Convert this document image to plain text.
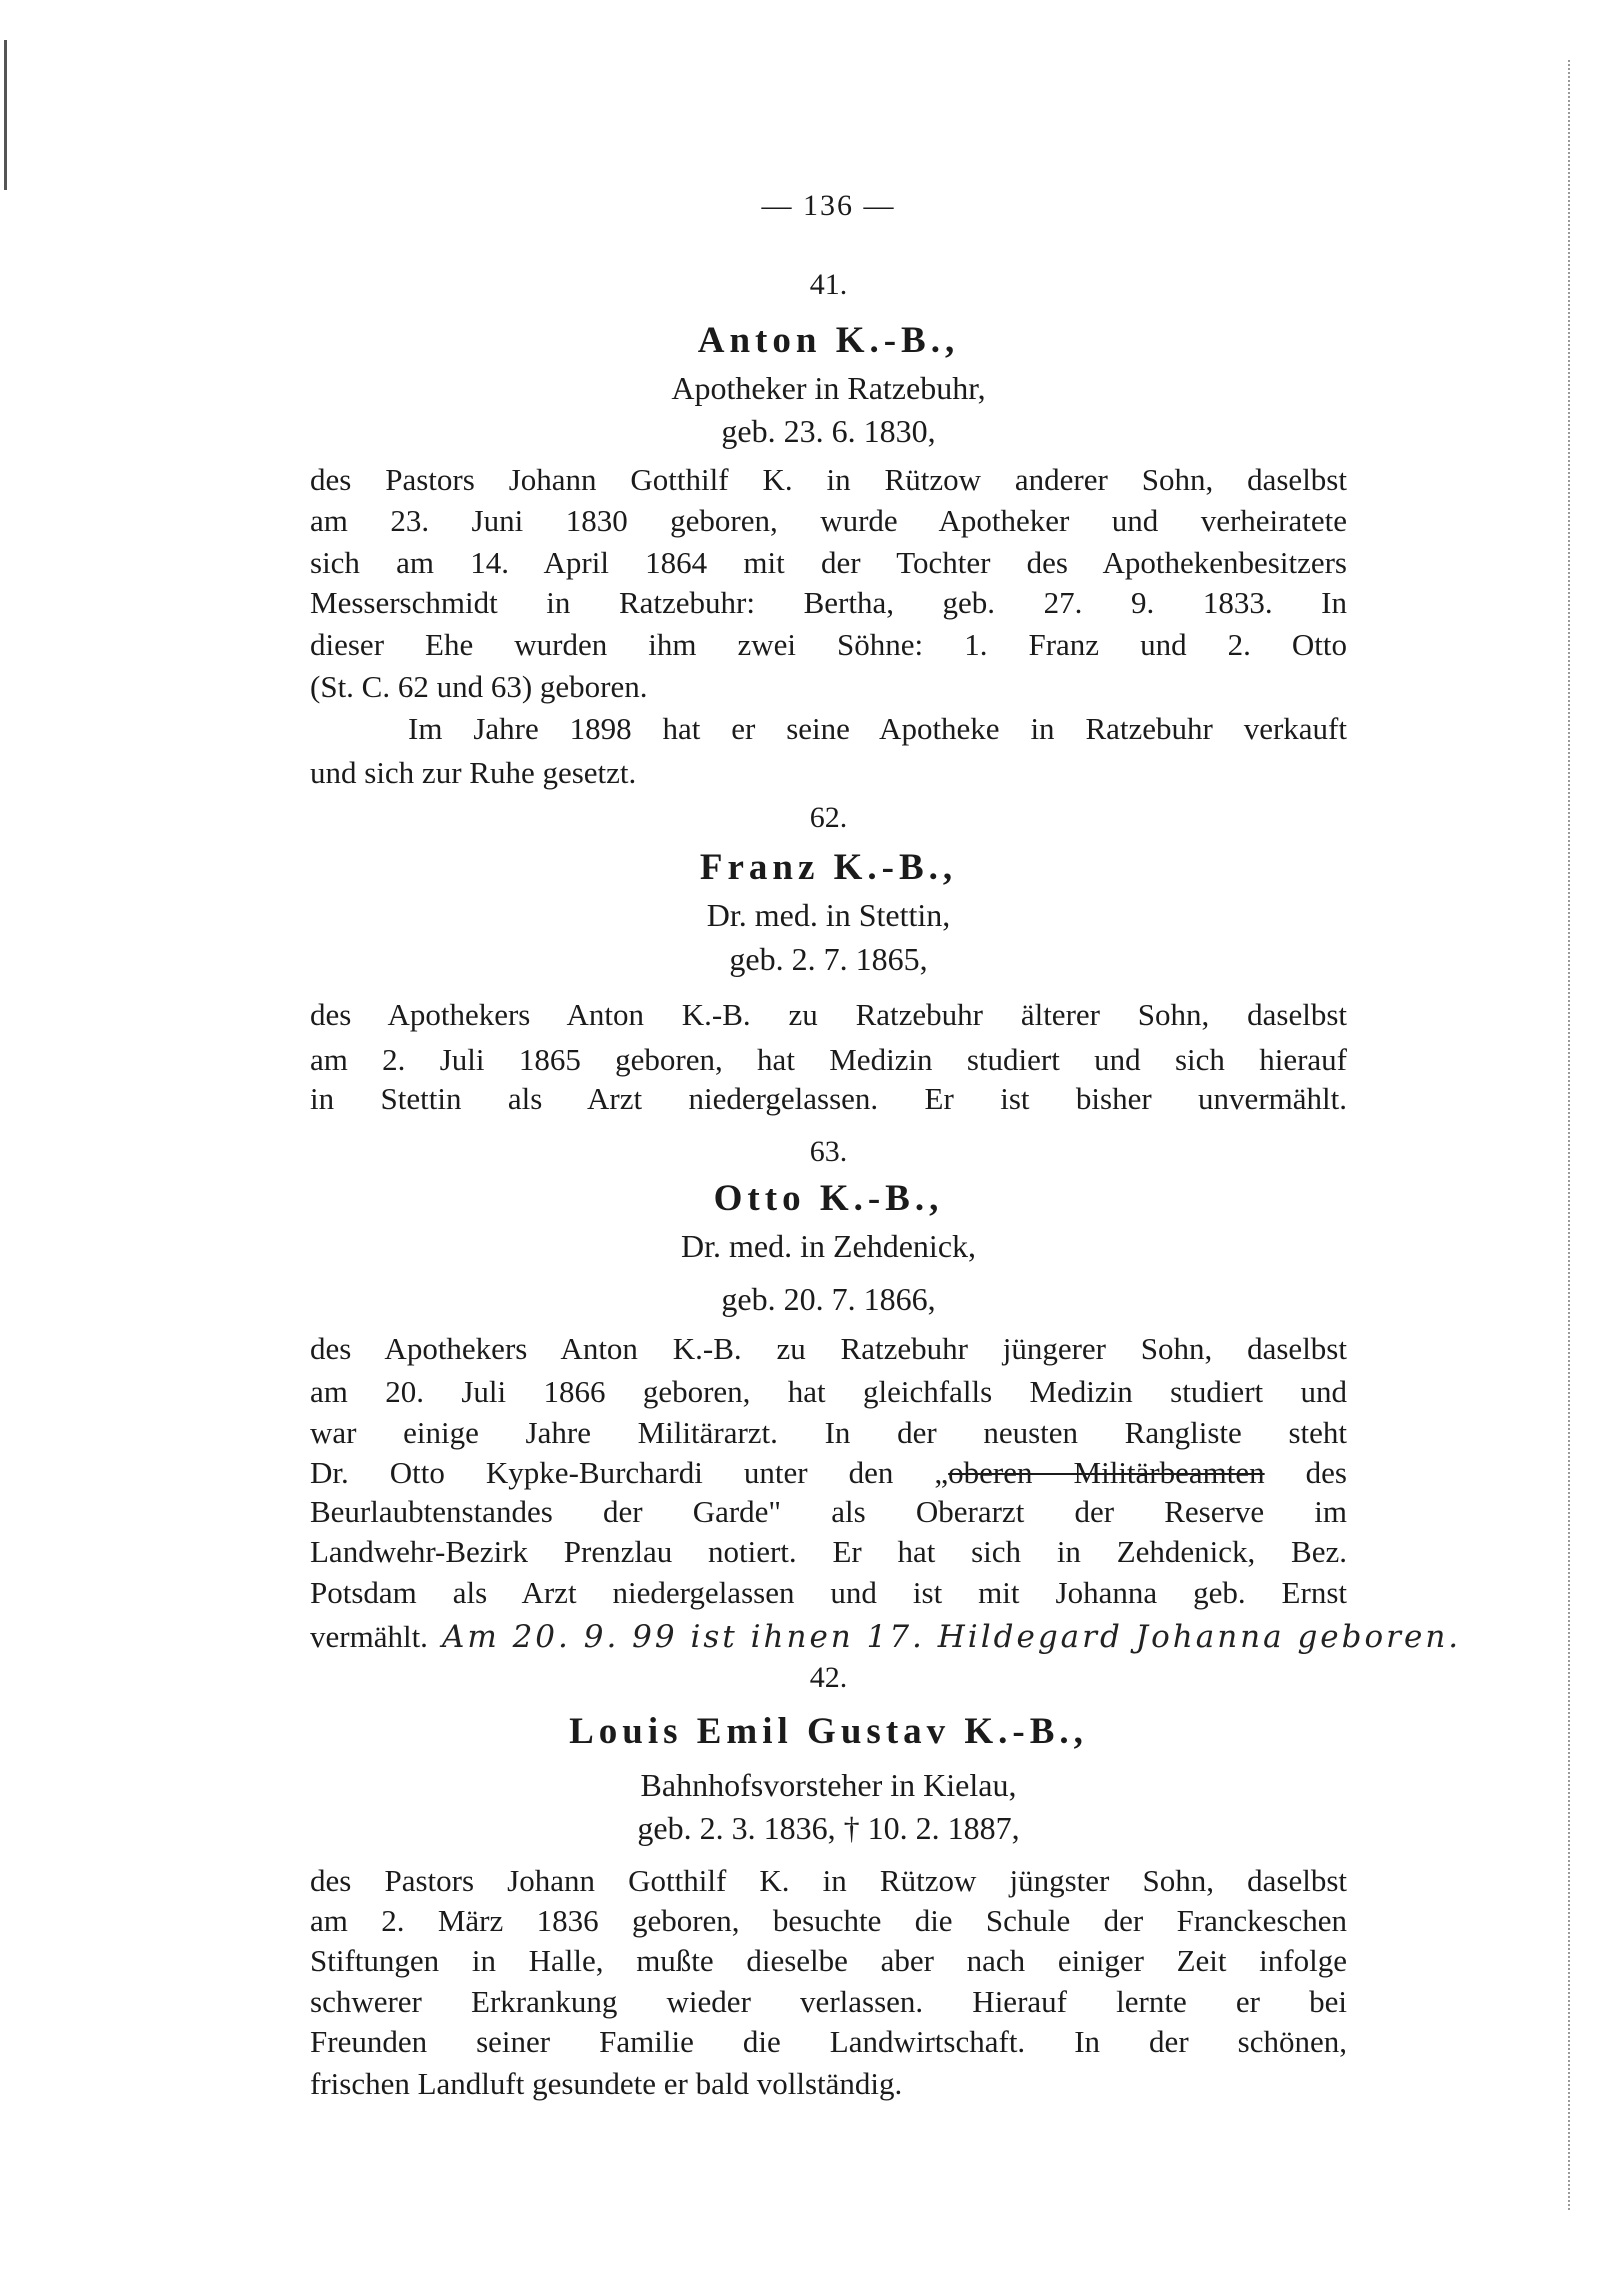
— 136 —
41.
Anton K.-B.,
Apotheker in Ratzebuhr,
geb. 23. 6. 1830,
des Pastors Johann Gotthilf K. in Rützow anderer Sohn, daselbst
am 23. Juni 1830 geboren, wurde Apotheker und verheiratete
sich am 14. April 1864 mit der Tochter des Apothekenbesitzers
Messerschmidt in Ratzebuhr: Bertha, geb. 27. 9. 1833. In
dieser Ehe wurden ihm zwei Söhne: 1. Franz und 2. Otto
(St. C. 62 und 63) geboren.
Im Jahre 1898 hat er seine Apotheke in Ratzebuhr verkauft
und sich zur Ruhe gesetzt.
62.
Franz K.-B.,
Dr. med. in Stettin,
geb. 2. 7. 1865,
des Apothekers Anton K.-B. zu Ratzebuhr älterer Sohn, daselbst
am 2. Juli 1865 geboren, hat Medizin studiert und sich hierauf
in Stettin als Arzt niedergelassen. Er ist bisher unvermählt.
63.
Otto K.-B.,
Dr. med. in Zehdenick,
geb. 20. 7. 1866,
des Apothekers Anton K.-B. zu Ratzebuhr jüngerer Sohn, daselbst
am 20. Juli 1866 geboren, hat gleichfalls Medizin studiert und
war einige Jahre Militärarzt. In der neusten Rangliste steht
Dr. Otto Kypke-Burchardi unter den „oberen Militärbeamten des
Beurlaubtenstandes der Garde" als Oberarzt der Reserve im
Landwehr-Bezirk Prenzlau notiert. Er hat sich in Zehdenick, Bez.
Potsdam als Arzt niedergelassen und ist mit Johanna geb. Ernst
vermählt. Am 20. 9. 99 ist ihnen 17. Hildegard Johanna geboren.
42.
Louis Emil Gustav K.-B.,
Bahnhofsvorsteher in Kielau,
geb. 2. 3. 1836, † 10. 2. 1887,
des Pastors Johann Gotthilf K. in Rützow jüngster Sohn, daselbst
am 2. März 1836 geboren, besuchte die Schule der Franckeschen
Stiftungen in Halle, mußte dieselbe aber nach einiger Zeit infolge
schwerer Erkrankung wieder verlassen. Hierauf lernte er bei
Freunden seiner Familie die Landwirtschaft. In der schönen,
frischen Landluft gesundete er bald vollständig.
